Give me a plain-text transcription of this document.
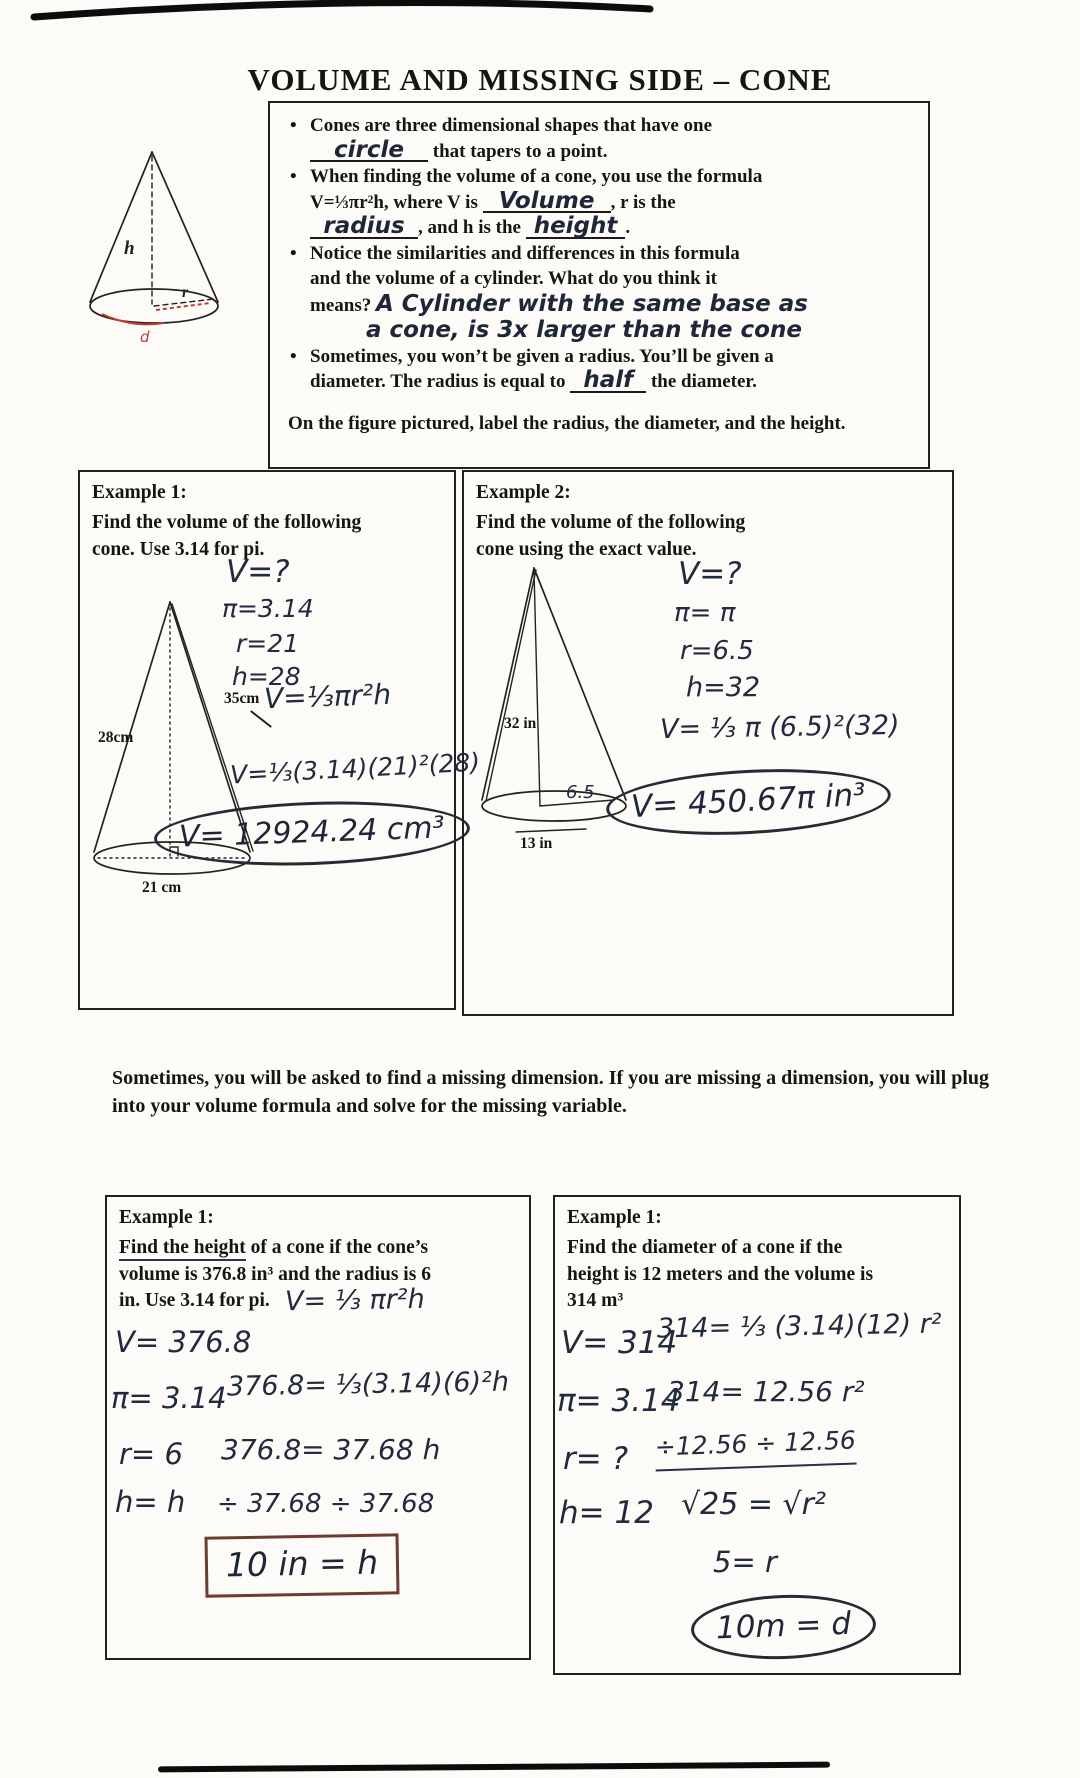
VOLUME AND MISSING SIDE – CONE
h
r
d
• Cones are three dimensional shapes that have one
circle that tapers to a point.
• When finding the volume of a cone, you use the formula
V=⅓πr²h, where V is Volume , r is the
radius , and h is the height .
• Notice the similarities and differences in this formula
and the volume of a cylinder. What do you think it
means? A Cylinder with the same base as
a cone, is 3x larger than the cone
• Sometimes, you won’t be given a radius. You’ll be given a
diameter. The radius is equal to half the diameter.
On the figure pictured, label the radius, the diameter, and the height.
Example 1:
Find the volume of the following
cone. Use 3.14 for pi.
28cm
21 cm
V=?
π=3.14
r=21
h=28
35cm V=⅓πr²h
V=⅓(3.14)(21)²(28)
V= 12924.24 cm³
Example 2:
Find the volume of the following
cone using the exact value.
32 in
6.5
13 in
V=?
π= π
r=6.5
h=32
V= ⅓ π (6.5)²(32)
V= 450.67π in³
Sometimes, you will be asked to find a missing dimension. If you are missing a dimension, you will plug into your volume formula and solve for the missing variable.
Example 1:
Find the height of a cone if the cone’s
volume is 376.8 in³ and the radius is 6
in. Use 3.14 for pi. V= ⅓ πr²h
V= 376.8
π= 3.14
r= 6
h= h
376.8= ⅓(3.14)(6)²h
376.8= 37.68 h
÷ 37.68 ÷ 37.68
10 in = h
Example 1:
Find the diameter of a cone if the
height is 12 meters and the volume is
314 m³
V= 314
π= 3.14
r= ?
h= 12
314= ⅓ (3.14)(12) r²
314= 12.56 r²
÷12.56 ÷ 12.56
√25 = √r²
5= r
10m = d
